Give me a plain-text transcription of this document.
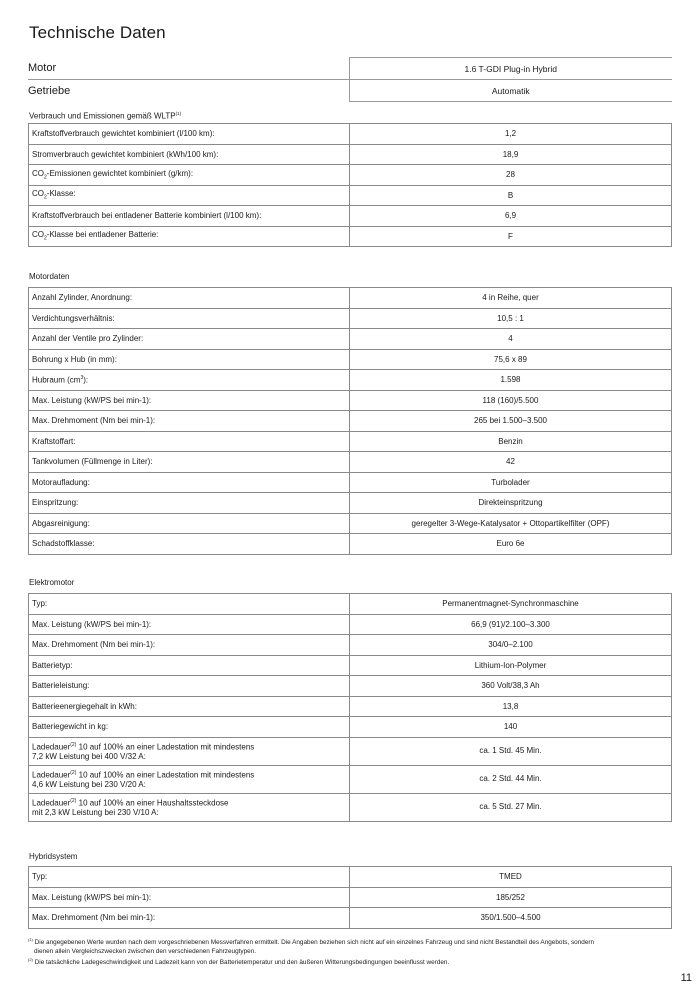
Technische Daten
Motor	1.6 T-GDI Plug-in Hybrid
Getriebe	Automatik
Verbrauch und Emissionen gemäß WLTP$^{(1)}$
Kraftstoffverbrauch gewichtet kombiniert (l/100 km):	1,2
Stromverbrauch gewichtet kombiniert (kWh/100 km):	18,9
$CO_2$-Emissionen gewichtet kombiniert (g/km):	28
$CO_2$-Klasse:	B
Kraftstoffverbrauch bei entladener Batterie kombiniert (l/100 km):	6,9
$CO_2$-Klasse bei entladener Batterie:	F
Motordaten
Anzahl Zylinder, Anordnung:	4 in Reihe, quer
Verdichtungsverhältnis:	10,5 : 1
Anzahl der Ventile pro Zylinder:	4
Bohrung x Hub (in mm):	75,6 x 89
Hubraum $(cm^3)$:	1.598
Max. Leistung (kW/PS bei min-1):	118 (160)/5.500
Max. Drehmoment (Nm bei min-1):	265 bei 1.500–3.500
Kraftstoffart:	Benzin
Tankvolumen (Füllmenge in Liter):	42
Motoraufladung:	Turbolader
Einspritzung:	Direkteinspritzung
Abgasreinigung:	geregelter 3-Wege-Katalysator + Ottopartikelfilter (OPF)
Schadstoffklasse:	Euro 6e
Elektromotor
Typ:	Permanentmagnet-Synchronmaschine
Max. Leistung (kW/PS bei min-1):	66,9 (91)/2.100–3.300
Max. Drehmoment (Nm bei min-1):	304/0–2.100
Batterietyp:	Lithium-Ion-Polymer
Batterieleistung:	360 Volt/38,3 Ah
Batterieenergiegehalt in kWh:	13,8
Batteriegewicht in kg:	140
Ladedauer$^{(2)}$ 10 auf 100% an einer Ladestation mit mindestens
7,2 kW Leistung bei 400 V/32 A:	ca. 1 Std. 45 Min.
Ladedauer$^{(2)}$ 10 auf 100% an einer Ladestation mit mindestens
4,6 kW Leistung bei 230 V/20 A:	ca. 2 Std. 44 Min.
Ladedauer$^{(2)}$ 10 auf 100% an einer Haushaltssteckdose
mit 2,3 kW Leistung bei 230 V/10 A:	ca. 5 Std. 27 Min.
Hybridsystem
Typ:	TMED
Max. Leistung (kW/PS bei min-1):	185/252
Max. Drehmoment (Nm bei min-1):	350/1.500–4.500
$^{(1)}$ Die angegebenen Werte wurden nach dem vorgeschriebenen Messverfahren ermittelt. Die Angaben beziehen sich nicht auf ein einzelnes Fahrzeug und sind nicht Bestandteil des Angebots, sondern
dienen allein Vergleichszwecken zwischen den verschiedenen Fahrzeugtypen.
$^{(2)}$ Die tatsächliche Ladegeschwindigkeit und Ladezeit kann von der Batterietemperatur und den äußeren Witterungsbedingungen beeinflusst werden.
11
